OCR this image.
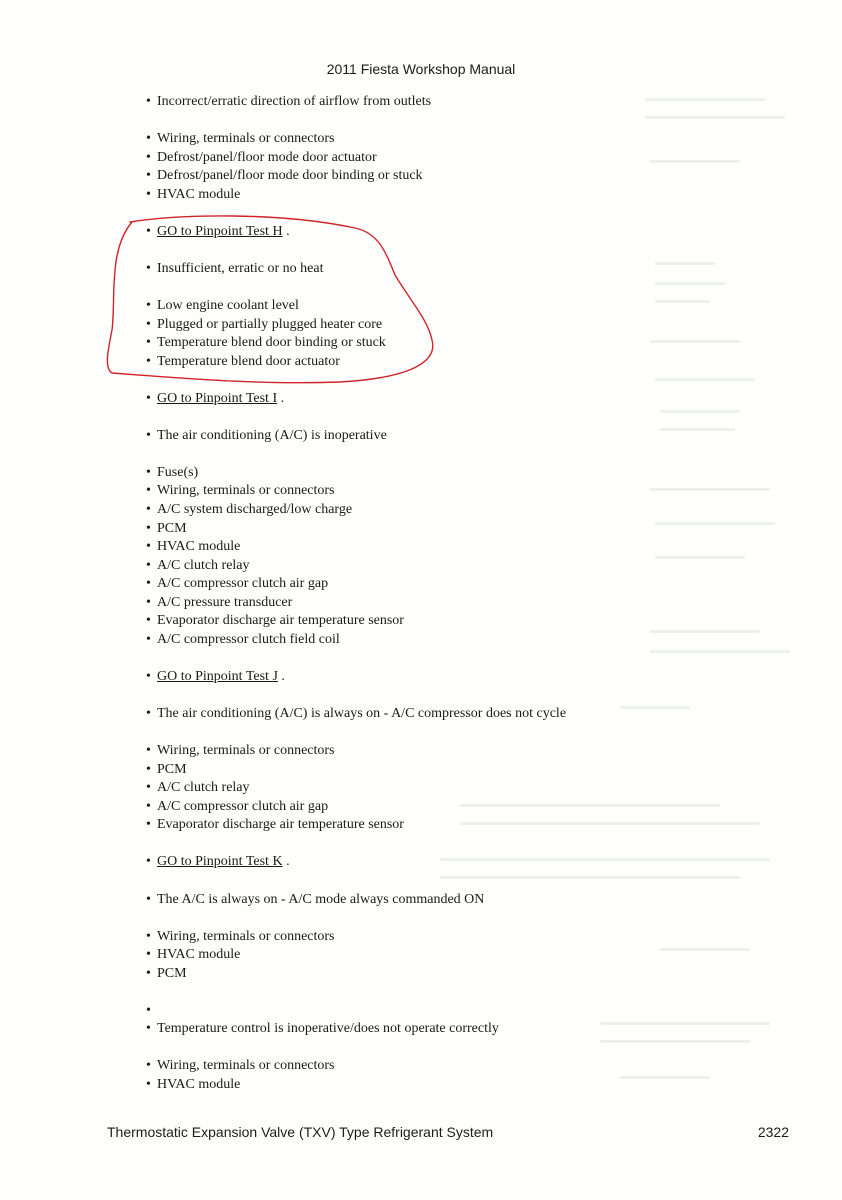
2011 Fiesta Workshop Manual
• Incorrect/erratic direction of airflow from outlets
• Wiring, terminals or connectors
• Defrost/panel/floor mode door actuator
• Defrost/panel/floor mode door binding or stuck
• HVAC module
• GO to Pinpoint Test H .
• Insufficient, erratic or no heat
• Low engine coolant level
• Plugged or partially plugged heater core
• Temperature blend door binding or stuck
• Temperature blend door actuator
• GO to Pinpoint Test I .
• The air conditioning (A/C) is inoperative
• Fuse(s)
• Wiring, terminals or connectors
• A/C system discharged/low charge
• PCM
• HVAC module
• A/C clutch relay
• A/C compressor clutch air gap
• A/C pressure transducer
• Evaporator discharge air temperature sensor
• A/C compressor clutch field coil
• GO to Pinpoint Test J .
• The air conditioning (A/C) is always on - A/C compressor does not cycle
• Wiring, terminals or connectors
• PCM
• A/C clutch relay
• A/C compressor clutch air gap
• Evaporator discharge air temperature sensor
• GO to Pinpoint Test K .
• The A/C is always on - A/C mode always commanded ON
• Wiring, terminals or connectors
• HVAC module
• PCM
•
• Temperature control is inoperative/does not operate correctly
• Wiring, terminals or connectors
• HVAC module
Thermostatic Expansion Valve (TXV) Type Refrigerant System	2322
